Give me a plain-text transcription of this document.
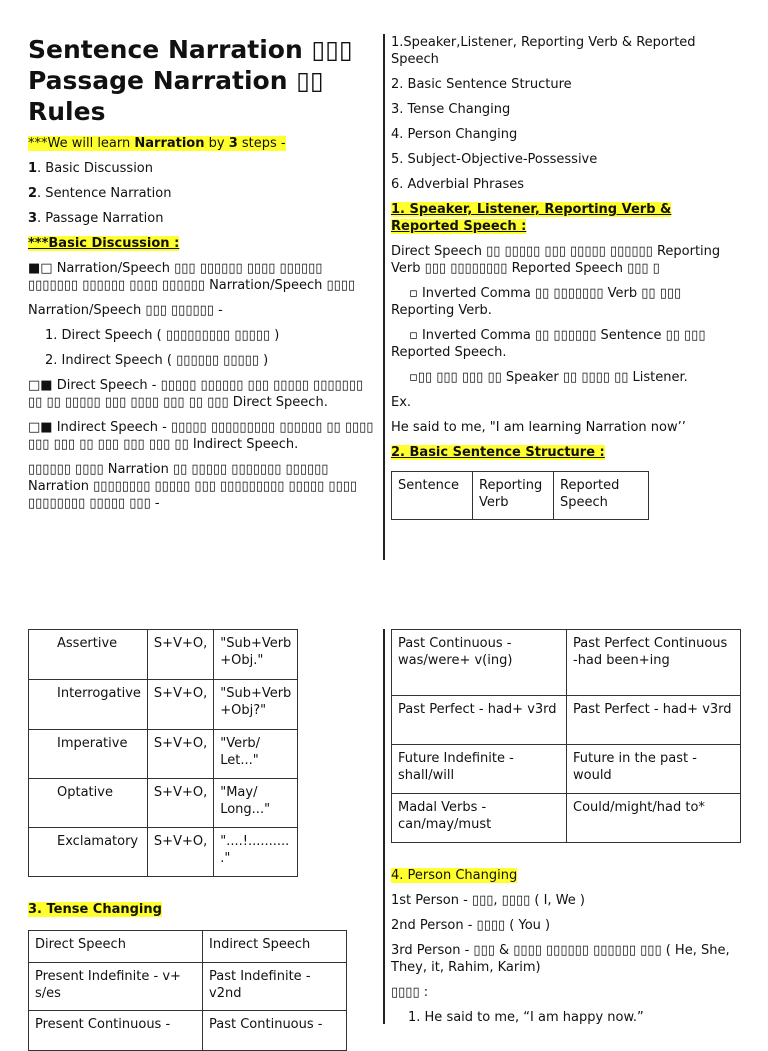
Sentence Narration ▯▯▯
Passage Narration ▯▯
Rules

***We will learn Narration by 3 steps -

1. Basic Discussion

2. Sentence Narration

3. Passage Narration

***Basic Discussion :

■□ Narration/Speech ▯▯▯ ▯▯▯▯▯▯ ▯▯▯▯ ▯▯▯▯▯▯ ▯▯▯▯▯▯▯ ▯▯▯▯▯▯ ▯▯▯▯ ▯▯▯▯▯▯ Narration/Speech ▯▯▯▯

Narration/Speech ▯▯▯ ▯▯▯▯▯▯ -

1. Direct Speech ( ▯▯▯▯▯▯▯▯▯ ▯▯▯▯▯ )

2. Indirect Speech ( ▯▯▯▯▯▯ ▯▯▯▯▯ )

□■ Direct Speech - ▯▯▯▯▯ ▯▯▯▯▯▯ ▯▯▯ ▯▯▯▯▯ ▯▯▯▯▯▯▯ ▯▯ ▯▯ ▯▯▯▯▯ ▯▯▯ ▯▯▯▯ ▯▯▯ ▯▯ ▯▯▯ Direct Speech.

□■ Indirect Speech - ▯▯▯▯▯ ▯▯▯▯▯▯▯▯▯ ▯▯▯▯▯▯ ▯▯ ▯▯▯▯ ▯▯▯ ▯▯▯ ▯▯ ▯▯▯ ▯▯▯ ▯▯▯ ▯▯ Indirect Speech.

▯▯▯▯▯▯ ▯▯▯▯ Narration ▯▯ ▯▯▯▯▯ ▯▯▯▯▯▯▯ ▯▯▯▯▯▯ Narration ▯▯▯▯▯▯▯▯ ▯▯▯▯▯ ▯▯▯ ▯▯▯▯▯▯▯▯▯ ▯▯▯▯▯ ▯▯▯▯ ▯▯▯▯▯▯▯▯ ▯▯▯▯▯ ▯▯▯ -

1.Speaker,Listener, Reporting Verb & Reported Speech

2. Basic Sentence Structure

3. Tense Changing

4. Person Changing

5. Subject-Objective-Possessive

6. Adverbial Phrases

1. Speaker, Listener, Reporting Verb & Reported Speech :

Direct Speech ▯▯ ▯▯▯▯▯ ▯▯▯ ▯▯▯▯▯ ▯▯▯▯▯▯ Reporting Verb ▯▯▯ ▯▯▯▯▯▯▯▯ Reported Speech ▯▯▯ ▯

▫ Inverted Comma ▯▯ ▯▯▯▯▯▯▯ Verb ▯▯ ▯▯▯ Reporting Verb.

▫ Inverted Comma ▯▯ ▯▯▯▯▯▯ Sentence ▯▯ ▯▯▯ Reported Speech.

▫▯▯ ▯▯▯ ▯▯▯ ▯▯ Speaker ▯▯ ▯▯▯▯ ▯▯ Listener.

Ex.

He said to me, "I am learning Narration now’’

2. Basic Sentence Structure :

Sentence	Reporting Verb	Reported Speech
Assertive	S+V+O,	"Sub+Verb +Obj."
Interrogative	S+V+O,	"Sub+Verb +Obj?"
Imperative	S+V+O,	"Verb/ Let..."
Optative	S+V+O,	"May/ Long..."
Exclamatory	S+V+O,	"....!.......... ."

3. Tense Changing

Direct Speech	Indirect Speech
Present Indefinite - v+ s/es	Past Indefinite - v2nd
Present Continuous -	Past Continuous -
Past Continuous - was/were+ v(ing)	Past Perfect Continuous -had been+ing
Past Perfect - had+ v3rd	Past Perfect - had+ v3rd
Future Indefinite - shall/will	Future in the past - would
Madal Verbs - can/may/must	Could/might/had to*

4. Person Changing

1st Person - ▯▯▯, ▯▯▯▯ ( I, We )

2nd Person - ▯▯▯▯ ( You )

3rd Person - ▯▯▯ & ▯▯▯▯ ▯▯▯▯▯▯ ▯▯▯▯▯▯ ▯▯▯ ( He, She, They, it, Rahim, Karim)

▯▯▯▯ :

1. He said to me, “I am happy now.”
